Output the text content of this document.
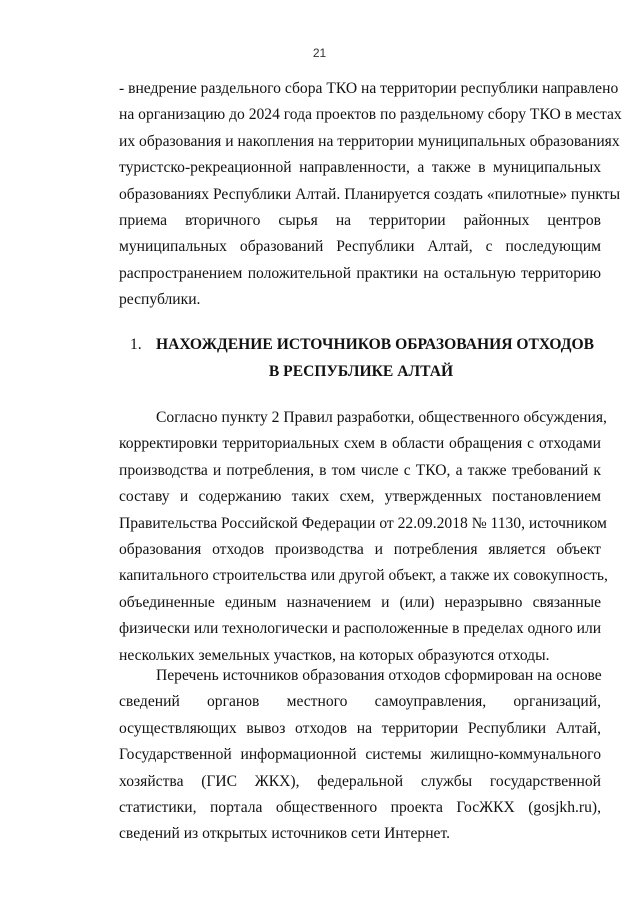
21
- внедрение раздельного сбора ТКО на территории республики направлено
на организацию до 2024 года проектов по раздельному сбору ТКО в местах
их образования и накопления на территории муниципальных образованиях
туристско-рекреационной направленности, а также в муниципальных
образованиях Республики Алтай. Планируется создать «пилотные» пункты
приема вторичного сырья на территории районных центров
муниципальных образований Республики Алтай, с последующим
распространением положительной практики на остальную территорию
республики.
1. НАХОЖДЕНИЕ ИСТОЧНИКОВ ОБРАЗОВАНИЯ ОТХОДОВ
В РЕСПУБЛИКЕ АЛТАЙ
Согласно пункту 2 Правил разработки, общественного обсуждения,
корректировки территориальных схем в области обращения с отходами
производства и потребления, в том числе с ТКО, а также требований к
составу и содержанию таких схем, утвержденных постановлением
Правительства Российской Федерации от 22.09.2018 № 1130, источником
образования отходов производства и потребления является объект
капитального строительства или другой объект, а также их совокупность,
объединенные единым назначением и (или) неразрывно связанные
физически или технологически и расположенные в пределах одного или
нескольких земельных участков, на которых образуются отходы.
Перечень источников образования отходов сформирован на основе
сведений органов местного самоуправления, организаций,
осуществляющих вывоз отходов на территории Республики Алтай,
Государственной информационной системы жилищно-коммунального
хозяйства (ГИС ЖКХ), федеральной службы государственной
статистики, портала общественного проекта ГосЖКХ (gosjkh.ru),
сведений из открытых источников сети Интернет.
